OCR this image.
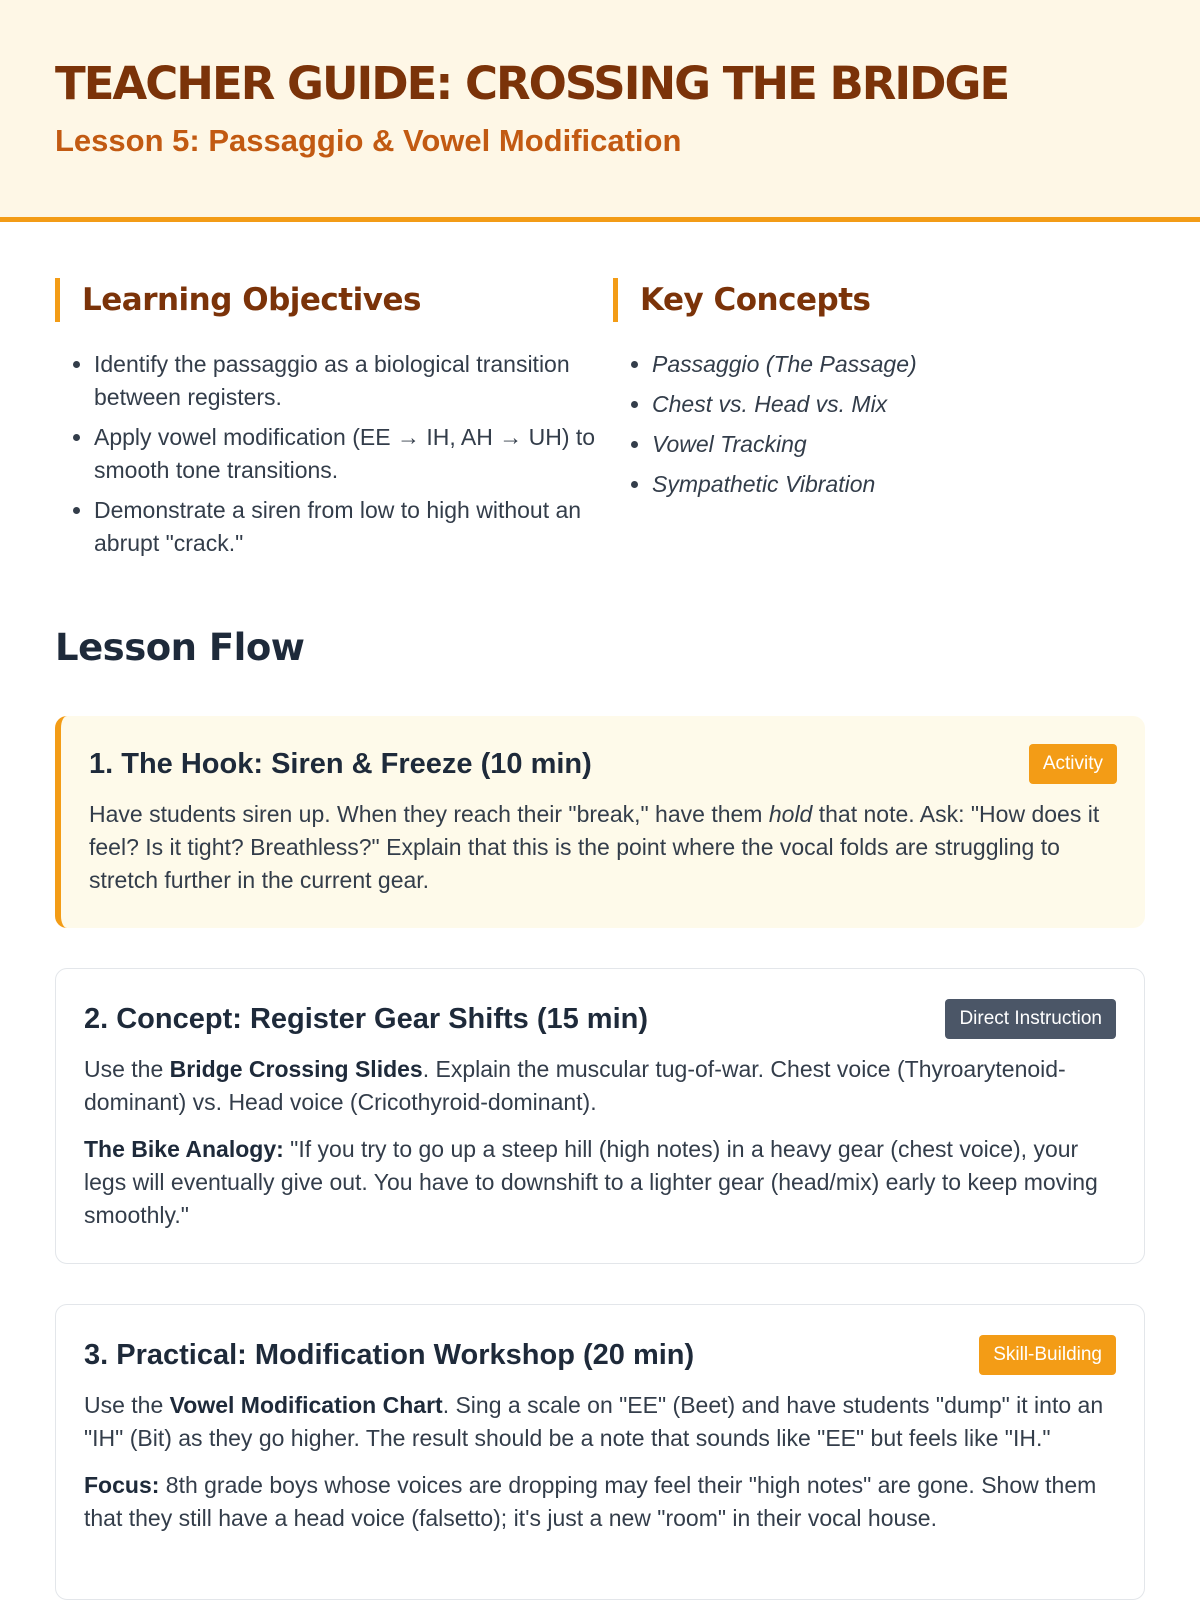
TEACHER GUIDE: CROSSING THE BRIDGE
Lesson 5: Passaggio & Vowel Modification
Learning Objectives
• Identify the passaggio as a biological transition between registers.
• Apply vowel modification (EE → IH, AH → UH) to smooth tone transitions.
• Demonstrate a siren from low to high without an abrupt "crack."
Key Concepts
• Passaggio (The Passage)
• Chest vs. Head vs. Mix
• Vowel Tracking
• Sympathetic Vibration
Lesson Flow
1. The Hook: Siren & Freeze (10 min)	Activity

Have students siren up. When they reach their "break," have them hold that note. Ask: "How does it feel? Is it tight? Breathless?" Explain that this is the point where the vocal folds are struggling to stretch further in the current gear.

2. Concept: Register Gear Shifts (15 min)	Direct Instruction

Use the Bridge Crossing Slides. Explain the muscular tug-of-war. Chest voice (Thyroarytenoid-dominant) vs. Head voice (Cricothyroid-dominant).

The Bike Analogy: "If you try to go up a steep hill (high notes) in a heavy gear (chest voice), your legs will eventually give out. You have to downshift to a lighter gear (head/mix) early to keep moving smoothly."

3. Practical: Modification Workshop (20 min)	Skill-Building

Use the Vowel Modification Chart. Sing a scale on "EE" (Beet) and have students "dump" it into an "IH" (Bit) as they go higher. The result should be a note that sounds like "EE" but feels like "IH."

Focus: 8th grade boys whose voices are dropping may feel their "high notes" are gone. Show them that they still have a head voice (falsetto); it's just a new "room" in their vocal house.
